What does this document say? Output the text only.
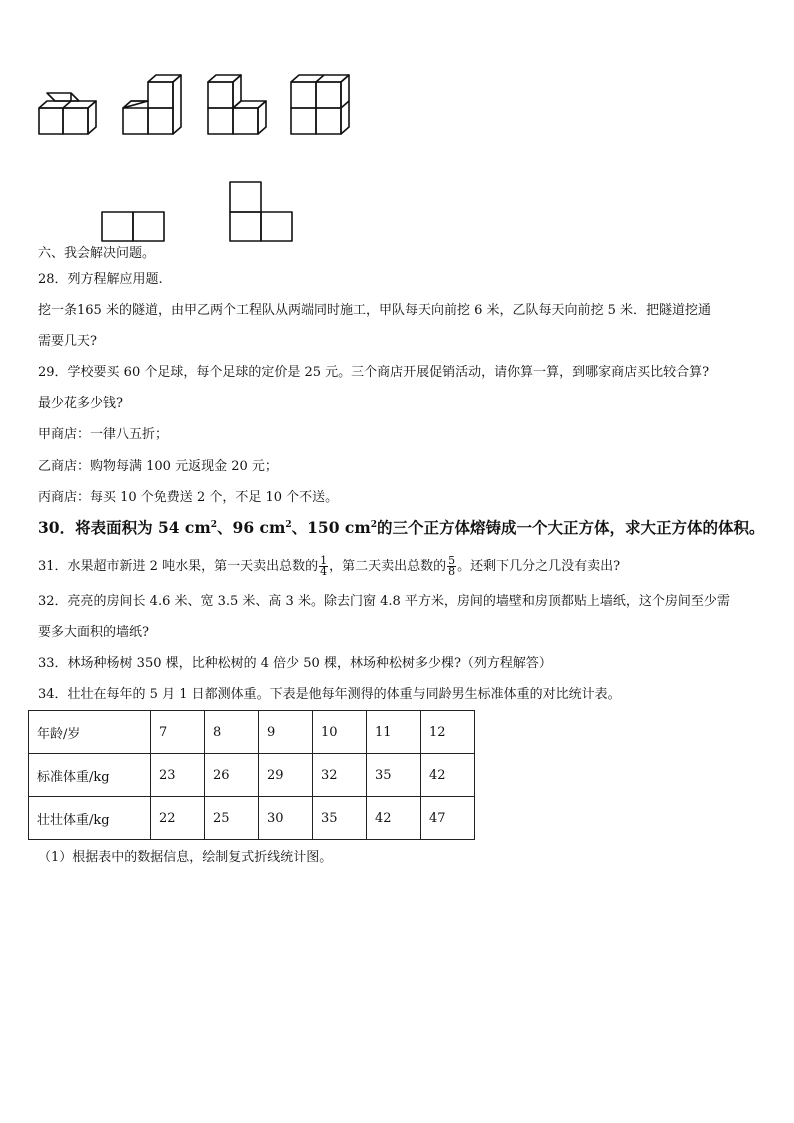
六、我会解决问题。
28．列方程解应用题.
挖一条165 米的隧道，由甲乙两个工程队从两端同时施工，甲队每天向前挖 6 米，乙队每天向前挖 5 米．把隧道挖通
需要几天?
29．学校要买 60 个足球，每个足球的定价是 25 元。三个商店开展促销活动，请你算一算，到哪家商店买比较合算?
最少花多少钱?
甲商店：一律八五折；
乙商店：购物每满 100 元返现金 20 元；
丙商店：每买 10 个免费送 2 个，不足 10 个不送。
30．将表面积为 54 $cm^2$、96 $cm^2$、150 $cm^2$的三个正方体熔铸成一个大正方体，求大正方体的体积。
31．水果超市新进 2 吨水果，第一天卖出总数的 $\frac{1}{4}$ ，第二天卖出总数的 $\frac{5}{8}$ 。还剩下几分之几没有卖出?
32．亮亮的房间长 4.6 米、宽 3.5 米、高 3 米。除去门窗 4.8 平方米，房间的墙壁和房顶都贴上墙纸，这个房间至少需
要多大面积的墙纸?
33．林场种杨树 350 棵，比种松树的 4 倍少 50 棵，林场种松树多少棵?（列方程解答）
34．壮壮在每年的 5 月 1 日都测体重。下表是他每年测得的体重与同龄男生标准体重的对比统计表。
年龄/岁	7	8	9	10	11	12
标准体重/kg	23	26	29	32	35	42
壮壮体重/kg	22	25	30	35	42	47
（1）根据表中的数据信息，绘制复式折线统计图。
